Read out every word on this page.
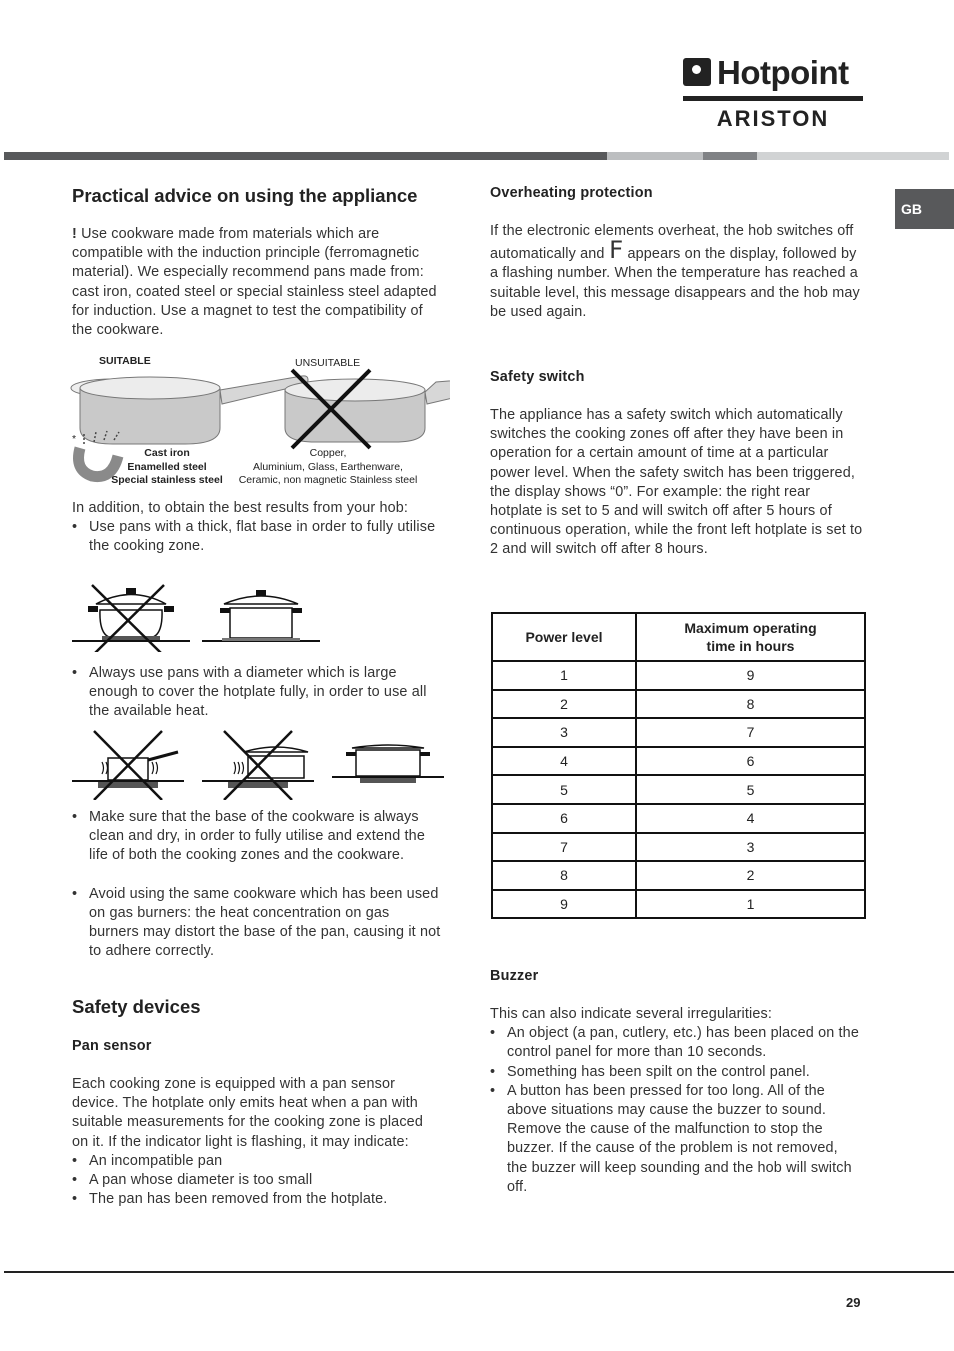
Hotpoint
ARISTON
GB
Practical advice on using the appliance

! Use cookware made from materials which are compatible with the induction principle (ferromagnetic material). We especially recommend pans made from: cast iron, coated steel or special stainless steel adapted for induction. Use a magnet to test the compatibility of the cookware.

SUITABLE	UNSUITABLE
*
Cast iron
Enamelled steel
Special stainless steel
Copper,
Aluminium, Glass, Earthenware,
Ceramic, non magnetic Stainless steel

In addition, to obtain the best results from your hob:

• Use pans with a thick, flat base in order to fully utilise the cooking zone.

• Always use pans with a diameter which is large enough to cover the hotplate fully, in order to use all the available heat.

• Make sure that the base of the cookware is always clean and dry, in order to fully utilise and extend the life of both the cooking zones and the cookware.

• Avoid using the same cookware which has been used on gas burners: the heat concentration on gas burners may distort the base of the pan, causing it not to adhere correctly.

Safety devices
Pan sensor

Each cooking zone is equipped with a pan sensor device. The hotplate only emits heat when a pan with suitable measurements for the cooking zone is placed on it. If the indicator light is flashing, it may indicate:

• An incompatible pan

• A pan whose diameter is too small

• The pan has been removed from the hotplate.

Overheating protection
If the electronic elements overheat, the hob switches off automatically and F appears on the display, followed by a flashing number. When the temperature has reached a suitable level, this message disappears and the hob may be used again.
Safety switch

The appliance has a safety switch which automatically switches the cooking zones off after they have been in operation for a certain amount of time at a particular power level. When the safety switch has been triggered, the display shows “0”. For example: the right rear hotplate is set to 5 and will switch off after 5 hours of continuous operation, while the front left hotplate is set to 2 and will switch off after 8 hours.

Power level	Maximum operating
time in hours

1	9
2	8
3	7
4	6
5	5
6	4
7	3
8	2
9	1
Buzzer

This can also indicate several irregularities:

• An object (a pan, cutlery, etc.) has been placed on the control panel for more than 10 seconds.

• Something has been spilt on the control panel.

• A button has been pressed for too long. All of the above situations may cause the buzzer to sound. Remove the cause of the malfunction to stop the buzzer. If the cause of the problem is not removed, the buzzer will keep sounding and the hob will switch off.

29
